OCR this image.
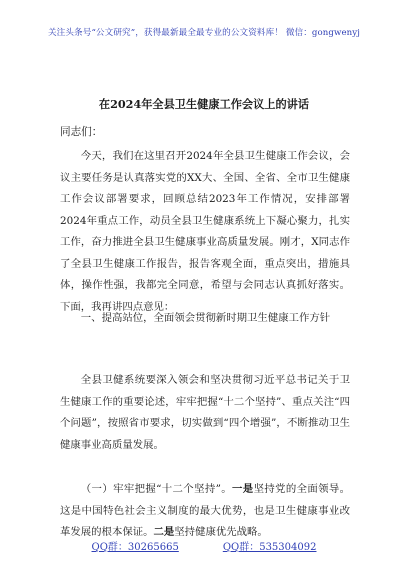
关注头条号“公文研究”，获得最新最全最专业的公文资料库！ 微信：gongwenyj
在2024年全县卫生健康工作会议上的讲话
同志们：

今天，我们在这里召开2024年全县卫生健康工作会议，会议主要任务是认真落实党的XX大、全国、全省、全市卫生健康工作会议部署要求，回顾总结2023年工作情况，安排部署2024年重点工作，动员全县卫生健康系统上下凝心聚力，扎实工作，奋力推进全县卫生健康事业高质量发展。刚才，X同志作了全县卫生健康工作报告，报告客观全面，重点突出，措施具体，操作性强，我都完全同意，希望与会同志认真抓好落实。下面，我再讲四点意见：

一、提高站位，全面领会贯彻新时期卫生健康工作方针

全县卫健系统要深入领会和坚决贯彻习近平总书记关于卫生健康工作的重要论述，牢牢把握“十二个坚持”、重点关注“四个问题”，按照省市要求，切实做到“四个增强”，不断推动卫生健康事业高质量发展。

（一）牢牢把握“十二个坚持”。一是坚持党的全面领导。这是中国特色社会主义制度的最大优势，也是卫生健康事业改革发展的根本保证。二是坚持健康优先战略。

QQ群：30265665	QQ群：535304092
